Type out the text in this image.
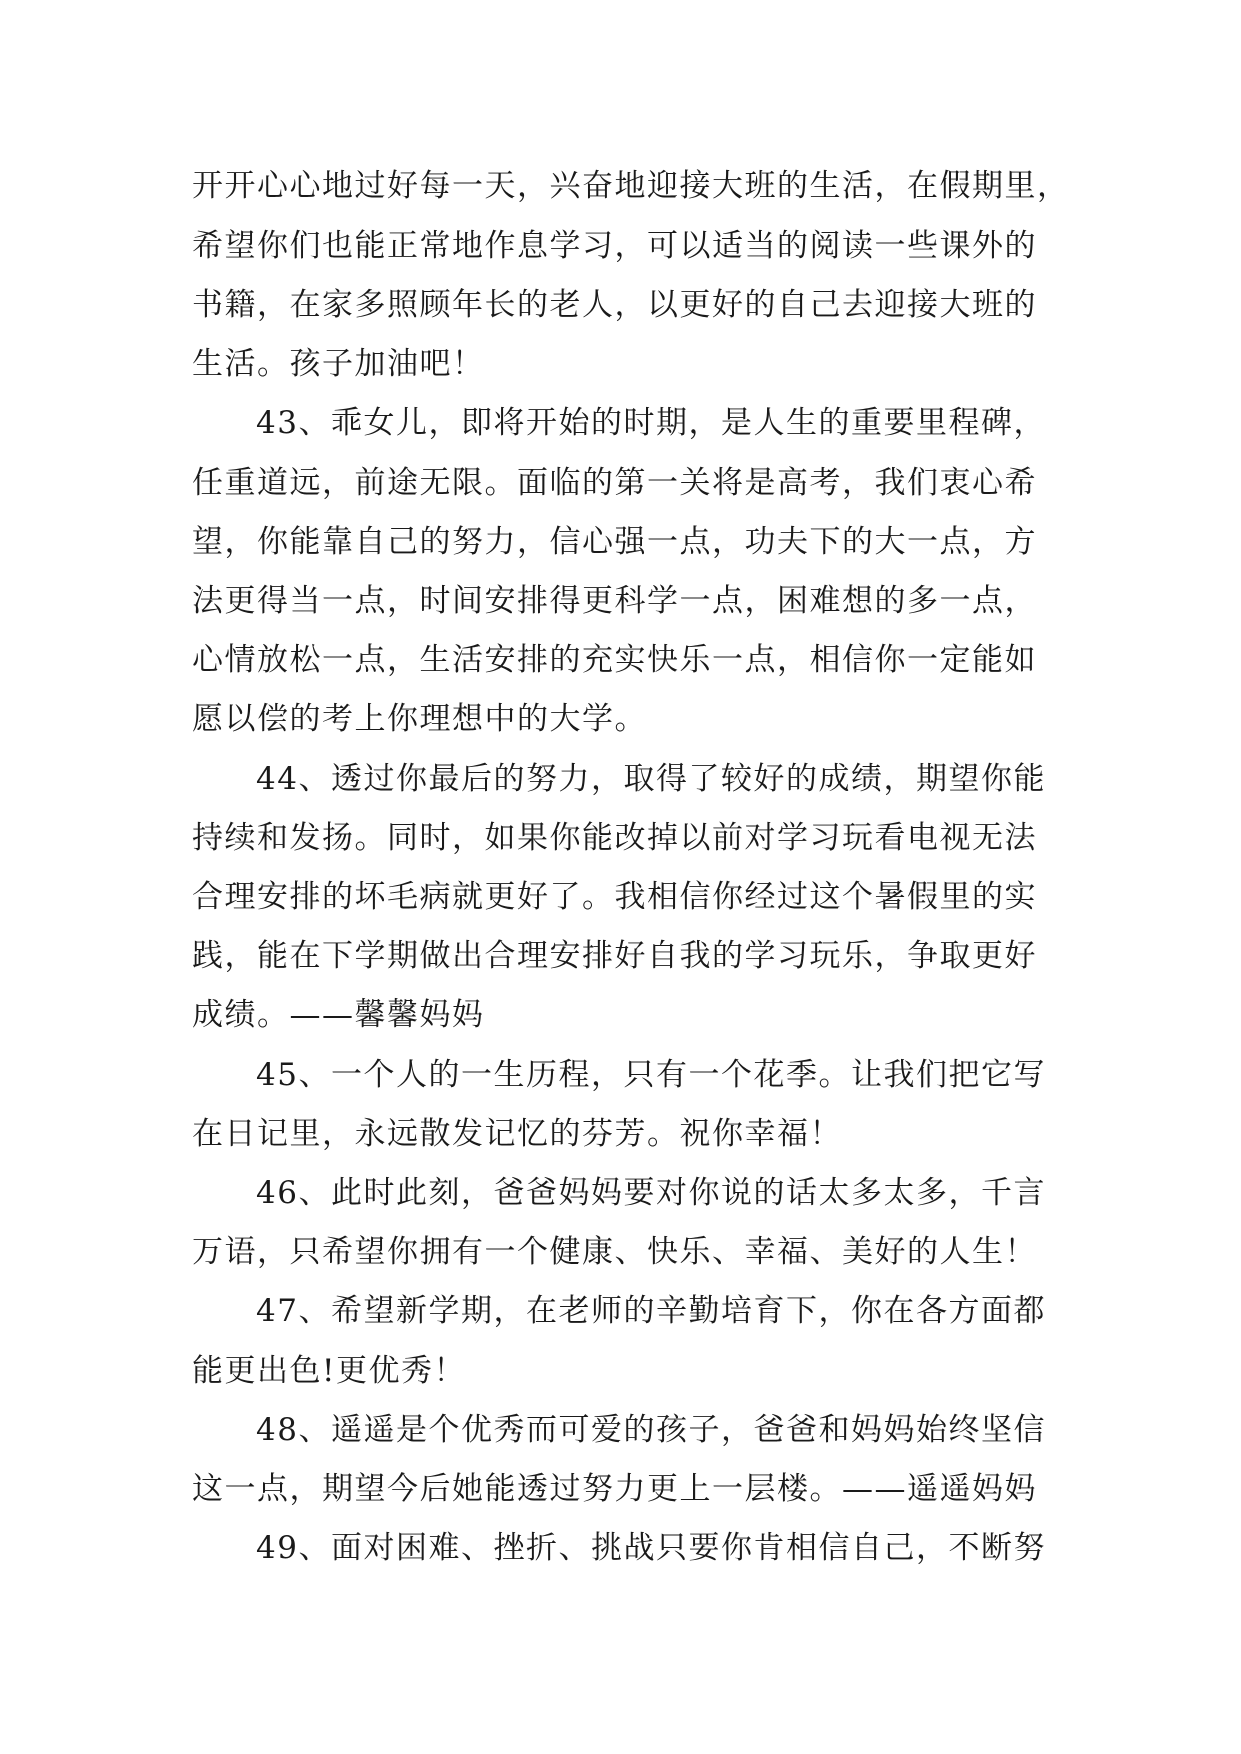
开开心心地过好每一天，兴奋地迎接大班的生活，在假期里，
希望你们也能正常地作息学习，可以适当的阅读一些课外的
书籍，在家多照顾年长的老人，以更好的自己去迎接大班的
生活。孩子加油吧！
43、乖女儿，即将开始的时期，是人生的重要里程碑，
任重道远，前途无限。面临的第一关将是高考，我们衷心希
望，你能靠自己的努力，信心强一点，功夫下的大一点，方
法更得当一点，时间安排得更科学一点，困难想的多一点，
心情放松一点，生活安排的充实快乐一点，相信你一定能如
愿以偿的考上你理想中的大学。
44、透过你最后的努力，取得了较好的成绩，期望你能
持续和发扬。同时，如果你能改掉以前对学习玩看电视无法
合理安排的坏毛病就更好了。我相信你经过这个暑假里的实
践，能在下学期做出合理安排好自我的学习玩乐，争取更好
成绩。——馨馨妈妈
45、一个人的一生历程，只有一个花季。让我们把它写
在日记里，永远散发记忆的芬芳。祝你幸福！
46、此时此刻，爸爸妈妈要对你说的话太多太多，千言
万语，只希望你拥有一个健康、快乐、幸福、美好的人生！
47、希望新学期，在老师的辛勤培育下，你在各方面都
能更出色!更优秀！
48、遥遥是个优秀而可爱的孩子，爸爸和妈妈始终坚信
这一点，期望今后她能透过努力更上一层楼。——遥遥妈妈
49、面对困难、挫折、挑战只要你肯相信自己，不断努
